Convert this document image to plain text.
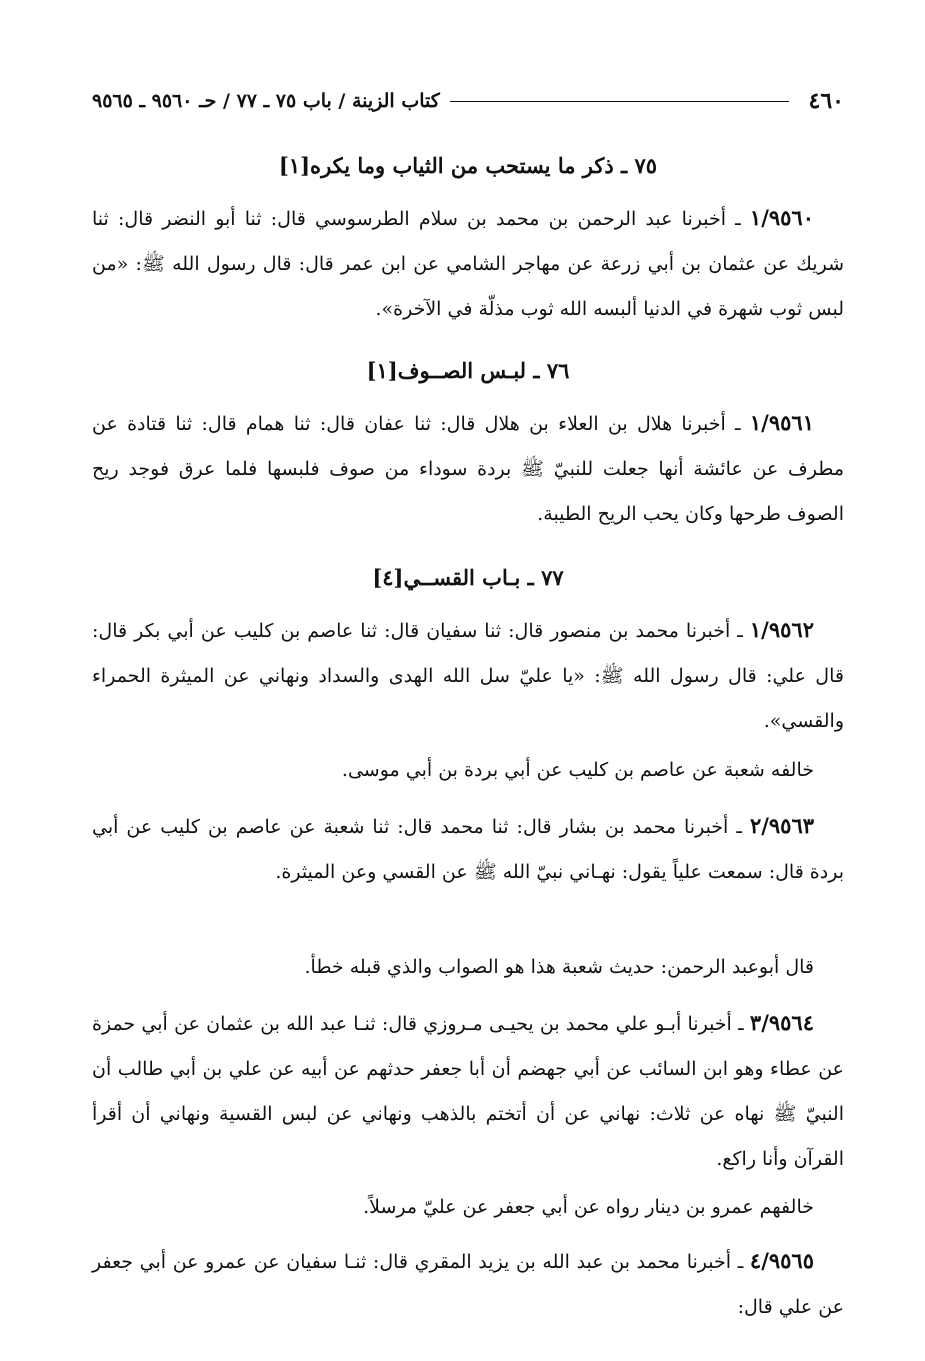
٤٦٠
كتاب الزينة / باب ٧٥ ـ ٧٧ / حـ ٩٥٦٠ ـ ٩٥٦٥
٧٥ ـ ذكر ما يستحب من الثياب وما يكره[١]
١/٩٥٦٠ ـ أخبرنا عبد الرحمن بن محمد بن سلام الطرسوسي قال: ثنا أبو النضر قال: ثنا شريك عن عثمان بن أبي زرعة عن مهاجر الشامي عن ابن عمر قال: قال رسول الله ﷺ: «من لبس ثوب شهرة في الدنيا ألبسه الله ثوب مذلّة في الآخرة».
٧٦ ـ لبـس الصــوف[١]
١/٩٥٦١ ـ أخبرنا هلال بن العلاء بن هلال قال: ثنا عفان قال: ثنا همام قال: ثنا قتادة عن مطرف عن عائشة أنها جعلت للنبيّ ﷺ بردة سوداء من صوف فلبسها فلما عرق فوجد ريح الصوف طرحها وكان يحب الريح الطيبة.
٧٧ ـ بـاب القســي[٤]
١/٩٥٦٢ ـ أخبرنا محمد بن منصور قال: ثنا سفيان قال: ثنا عاصم بن كليب عن أبي بكر قال: قال علي: قال رسول الله ﷺ: «يا عليّ سل الله الهدى والسداد ونهاني عن الميثرة الحمراء والقسي».
خالفه شعبة عن عاصم بن كليب عن أبي بردة بن أبي موسى.
٢/٩٥٦٣ ـ أخبرنا محمد بن بشار قال: ثنا محمد قال: ثنا شعبة عن عاصم بن كليب عن أبي بردة قال: سمعت علياً يقول: نهـاني نبيّ الله ﷺ عن القسي وعن الميثرة.
قال أبوعبد الرحمن: حديث شعبة هذا هو الصواب والذي قبله خطأ.
٣/٩٥٦٤ ـ أخبرنا أبـو علي محمد بن يحيـى مـروزي قال: ثنـا عبد الله بن عثمان عن أبي حمزة عن عطاء وهو ابن السائب عن أبي جهضم أن أبا جعفر حدثهم عن أبيه عن علي بن أبي طالب أن النبيّ ﷺ نهاه عن ثلاث: نهاني عن أن أتختم بالذهب ونهاني عن لبس القسية ونهاني أن أقرأ القرآن وأنا راكع.
خالفهم عمرو بن دينار رواه عن أبي جعفر عن عليّ مرسلاً.
٤/٩٥٦٥ ـ أخبرنا محمد بن عبد الله بن يزيد المقري قال: ثنـا سفيان عن عمرو عن أبي جعفر عن علي قال:
